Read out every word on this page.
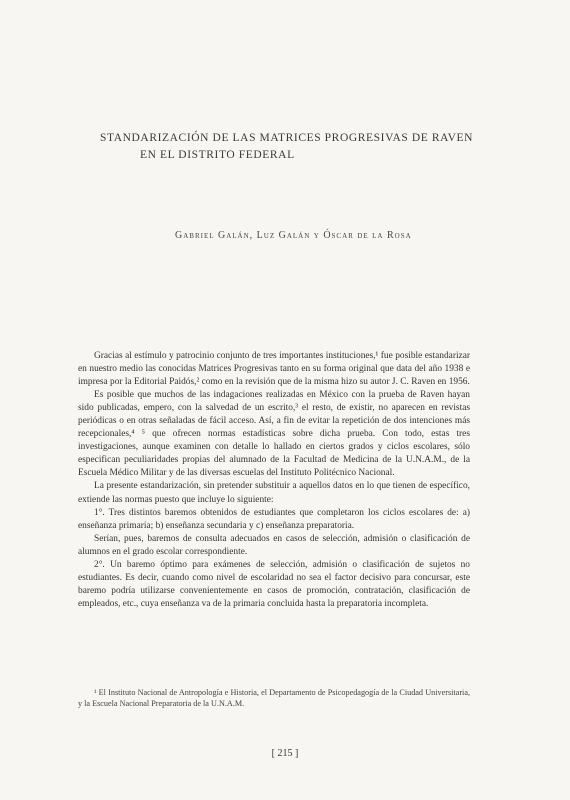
STANDARIZACIÓN DE LAS MATRICES PROGRESIVAS DE RAVEN
EN EL DISTRITO FEDERAL
Gabriel Galán, Luz Galán y Óscar de la Rosa

Gracias al estímulo y patrocinio conjunto de tres importantes instituciones,¹ fue posible estandarizar en nuestro medio las conocidas Matrices Progresivas tanto en su forma original que data del año 1938 e impresa por la Editorial Paidós,² como en la revisión que de la misma hizo su autor J. C. Raven en 1956.

Es posible que muchos de las indagaciones realizadas en México con la prueba de Raven hayan sido publicadas, empero, con la salvedad de un escrito,³ el resto, de existir, no aparecen en revistas periódicas o en otras señaladas de fácil acceso. Así, a fin de evitar la repetición de dos intenciones más recepcionales,⁴ ⁵ que ofrecen normas estadísticas sobre dicha prueba. Con todo, estas tres investigaciones, aunque examinen con detalle lo hallado en ciertos grados y ciclos escolares, sólo especifican peculiaridades propias del alumnado de la Facultad de Medicina de la U.N.A.M., de la Escuela Médico Militar y de las diversas escuelas del Instituto Politécnico Nacional.

La presente estandarización, sin pretender substituir a aquellos datos en lo que tienen de específico, extiende las normas puesto que incluye lo siguiente:

1°. Tres distintos baremos obtenidos de estudiantes que completaron los ciclos escolares de: a) enseñanza primaria; b) enseñanza secundaria y c) enseñanza preparatoria.

Serían, pues, baremos de consulta adecuados en casos de selección, admisión o clasificación de alumnos en el grado escolar correspondiente.

2°. Un baremo óptimo para exámenes de selección, admisión o clasificación de sujetos no estudiantes. Es decir, cuando como nivel de escolaridad no sea el factor decisivo para concursar, este baremo podría utilizarse convenientemente en casos de promoción, contratación, clasificación de empleados, etc., cuya enseñanza va de la primaria concluida hasta la preparatoria incompleta.

¹ El Instituto Nacional de Antropología e Historia, el Departamento de Psicopedagogía de la Ciudad Universitaria, y la Escuela Nacional Preparatoria de la U.N.A.M.
[ 215 ]
